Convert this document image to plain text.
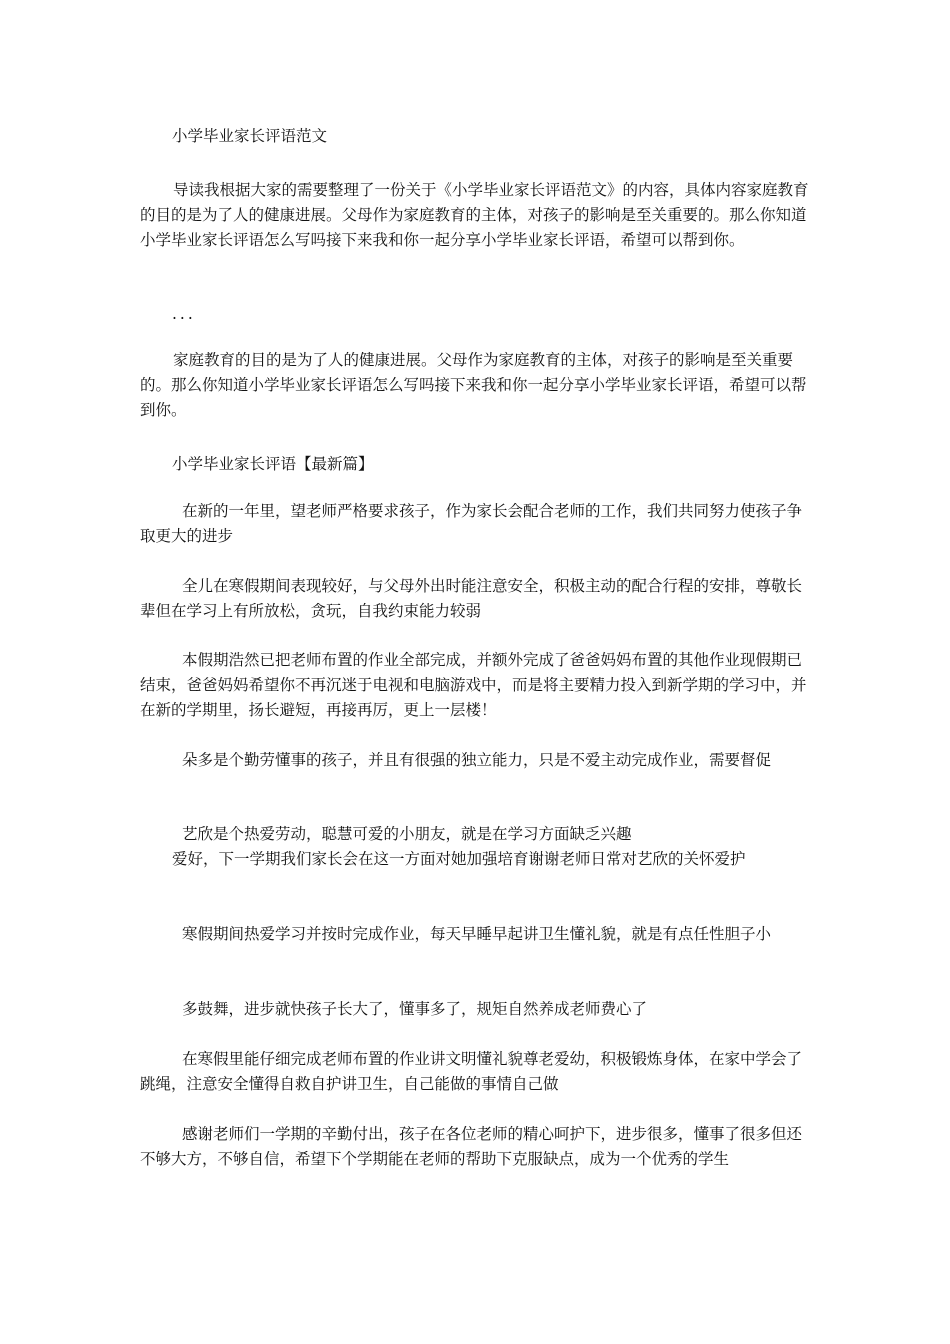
小学毕业家长评语范文

导读我根据大家的需要整理了一份关于《小学毕业家长评语范文》的内容，具体内容家庭教育的目的是为了人的健康进展。父母作为家庭教育的主体，对孩子的影响是至关重要的。那么你知道小学毕业家长评语怎么写吗接下来我和你一起分享小学毕业家长评语，希望可以帮到你。

...

家庭教育的目的是为了人的健康进展。父母作为家庭教育的主体，对孩子的影响是至关重要的。那么你知道小学毕业家长评语怎么写吗接下来我和你一起分享小学毕业家长评语，希望可以帮到你。

小学毕业家长评语【最新篇】

在新的一年里，望老师严格要求孩子，作为家长会配合老师的工作，我们共同努力使孩子争取更大的进步

全儿在寒假期间表现较好，与父母外出时能注意安全，积极主动的配合行程的安排，尊敬长辈但在学习上有所放松，贪玩，自我约束能力较弱

本假期浩然已把老师布置的作业全部完成，并额外完成了爸爸妈妈布置的其他作业现假期已结束，爸爸妈妈希望你不再沉迷于电视和电脑游戏中，而是将主要精力投入到新学期的学习中，并在新的学期里，扬长避短，再接再厉，更上一层楼！

朵多是个勤劳懂事的孩子，并且有很强的独立能力，只是不爱主动完成作业，需要督促

艺欣是个热爱劳动，聪慧可爱的小朋友，就是在学习方面缺乏兴趣

爱好，下一学期我们家长会在这一方面对她加强培育谢谢老师日常对艺欣的关怀爱护

寒假期间热爱学习并按时完成作业，每天早睡早起讲卫生懂礼貌，就是有点任性胆子小

多鼓舞，进步就快孩子长大了，懂事多了，规矩自然养成老师费心了

在寒假里能仔细完成老师布置的作业讲文明懂礼貌尊老爱幼，积极锻炼身体，在家中学会了跳绳，注意安全懂得自救自护讲卫生，自己能做的事情自己做

感谢老师们一学期的辛勤付出，孩子在各位老师的精心呵护下，进步很多，懂事了很多但还不够大方，不够自信，希望下个学期能在老师的帮助下克服缺点，成为一个优秀的学生
